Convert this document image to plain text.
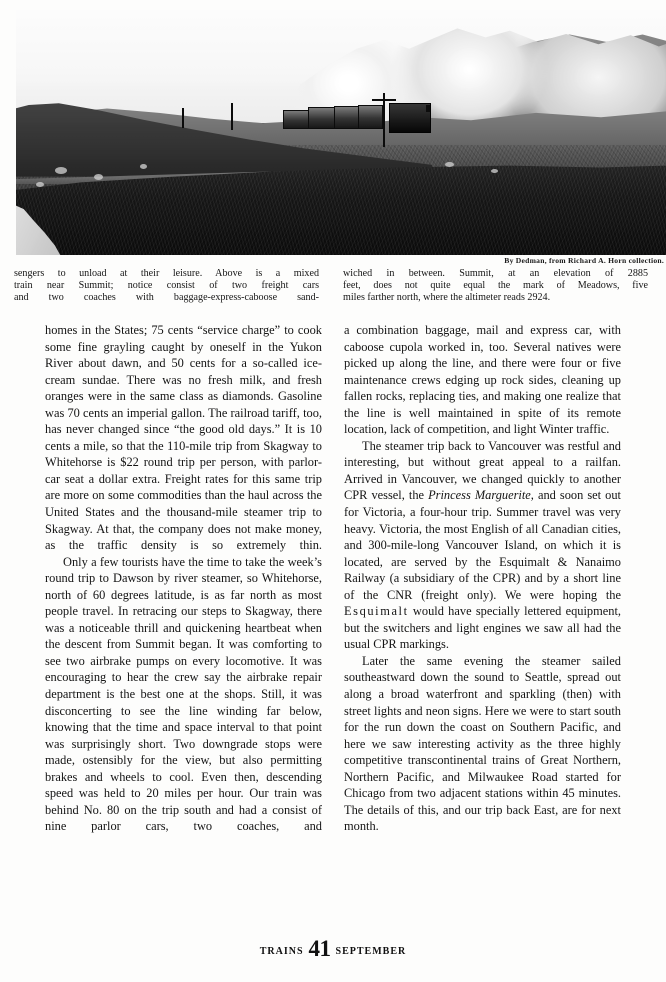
By Dedman, from Richard A. Horn collection.
sengers to unload at their leisure. Above is a mixed
train near Summit; notice consist of two freight cars
and two coaches with baggage-express-caboose sand-
wiched in between. Summit, at an elevation of 2885
feet, does not quite equal the mark of Meadows, five
miles farther north, where the altimeter reads 2924.

homes in the States; 75 cents “service charge” to cook some fine grayling caught by oneself in the Yukon River about dawn, and 50 cents for a so-called ice-cream sundae. There was no fresh milk, and fresh oranges were in the same class as diamonds. Gasoline was 70 cents an imperial gallon. The railroad tariff, too, has never changed since “the good old days.” It is 10 cents a mile, so that the 110-mile trip from Skagway to Whitehorse is $22 round trip per person, with parlor-car seat a dollar extra. Freight rates for this same trip are more on some commodities than the haul across the United States and the thousand-mile steamer trip to Skagway. At that, the company does not make money, as the traffic density is so extremely thin.

Only a few tourists have the time to take the week’s round trip to Dawson by river steamer, so Whitehorse, north of 60 degrees latitude, is as far north as most people travel. In retracing our steps to Skagway, there was a noticeable thrill and quickening heartbeat when the descent from Summit began. It was comforting to see two airbrake pumps on every locomotive. It was encouraging to hear the crew say the airbrake repair department is the best one at the shops. Still, it was disconcerting to see the line winding far below, knowing that the time and space interval to that point was surprisingly short. Two downgrade stops were made, ostensibly for the view, but also permitting brakes and wheels to cool. Even then, descending speed was held to 20 miles per hour. Our train was behind No. 80 on the trip south and had a consist of nine parlor cars, two coaches, and

a combination baggage, mail and express car, with caboose cupola worked in, too. Several natives were picked up along the line, and there were four or five maintenance crews edging up rock sides, cleaning up fallen rocks, replacing ties, and making one realize that the line is well maintained in spite of its remote location, lack of competition, and light Winter traffic.

The steamer trip back to Vancouver was restful and interesting, but without great appeal to a railfan. Arrived in Vancouver, we changed quickly to another CPR vessel, the Princess Marguerite, and soon set out for Victoria, a four-hour trip. Summer travel was very heavy. Victoria, the most English of all Canadian cities, and 300-mile-long Vancouver Island, on which it is located, are served by the Esquimalt & Nanaimo Railway (a subsidiary of the CPR) and by a short line of the CNR (freight only). We were hoping the Esquimalt would have specially lettered equipment, but the switchers and light engines we saw all had the usual CPR markings.

Later the same evening the steamer sailed southeastward down the sound to Seattle, spread out along a broad waterfront and sparkling (then) with street lights and neon signs. Here we were to start south for the run down the coast on Southern Pacific, and here we saw interesting activity as the three highly competitive transcontinental trains of Great Northern, Northern Pacific, and Milwaukee Road started for Chicago from two adjacent stations within 45 minutes. The details of this, and our trip back East, are for next month.

TRAINS 41 SEPTEMBER
